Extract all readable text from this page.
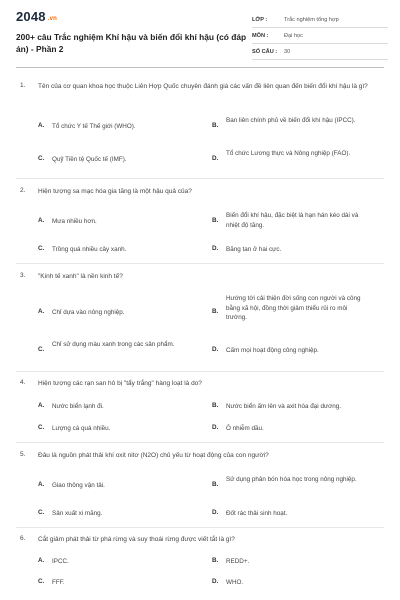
2048 .vn
200+ câu Trắc nghiệm Khí hậu và biến đổi khí hậu (có đáp án) - Phần 2
LỚP :	Trắc nghiệm tổng hợp
MÔN :	Đại học
SỐ CÂU : 30
1. Tên của cơ quan khoa học thuộc Liên Hợp Quốc chuyên đánh giá các vấn đề liên quan đến biến đổi khí hậu là gì?
A. Tổ chức Y tế Thế giới (WHO).	B.
Ban liên chính phủ về biến đổi khí hậu (IPCC).
C. Quỹ Tiền tệ Quốc tế (IMF).	D.
Tổ chức Lương thực và Nông nghiệp (FAO).
2. Hiện tượng sa mạc hóa gia tăng là một hậu quả của?
A. Mưa nhiều hơn.	B.
Biến đổi khí hậu, đặc biệt là hạn hán kéo dài và nhiệt độ tăng.
C. Trồng quá nhiều cây xanh.	D. Băng tan ở hai cực.
3. "Kinh tế xanh" là nền kinh tế?
A. Chỉ dựa vào nông nghiệp.	B.
Hướng tới cải thiện đời sống con người và công bằng xã hội, đồng thời giảm thiểu rủi ro môi trường.
C.
Chỉ sử dụng màu xanh trong các sản phẩm.
D. Cấm mọi hoạt động công nghiệp.
4. Hiện tượng các rạn san hô bị "tẩy trắng" hàng loạt là do?
A. Nước biển lạnh đi.	B. Nước biển ấm lên và axit hóa đại dương.
C. Lượng cá quá nhiều.	D. Ô nhiễm dầu.
5. Đâu là nguồn phát thải khí oxit nitơ (N2O) chủ yếu từ hoạt động của con người?
A. Giao thông vận tải.	B.
Sử dụng phân bón hóa học trong nông nghiệp.
C. Sản xuất xi măng.	D. Đốt rác thải sinh hoạt.
6. Cắt giảm phát thải từ phá rừng và suy thoái rừng được viết tắt là gì?
A. IPCC.	B. REDD+.
C. FFF.	D. WHO.
